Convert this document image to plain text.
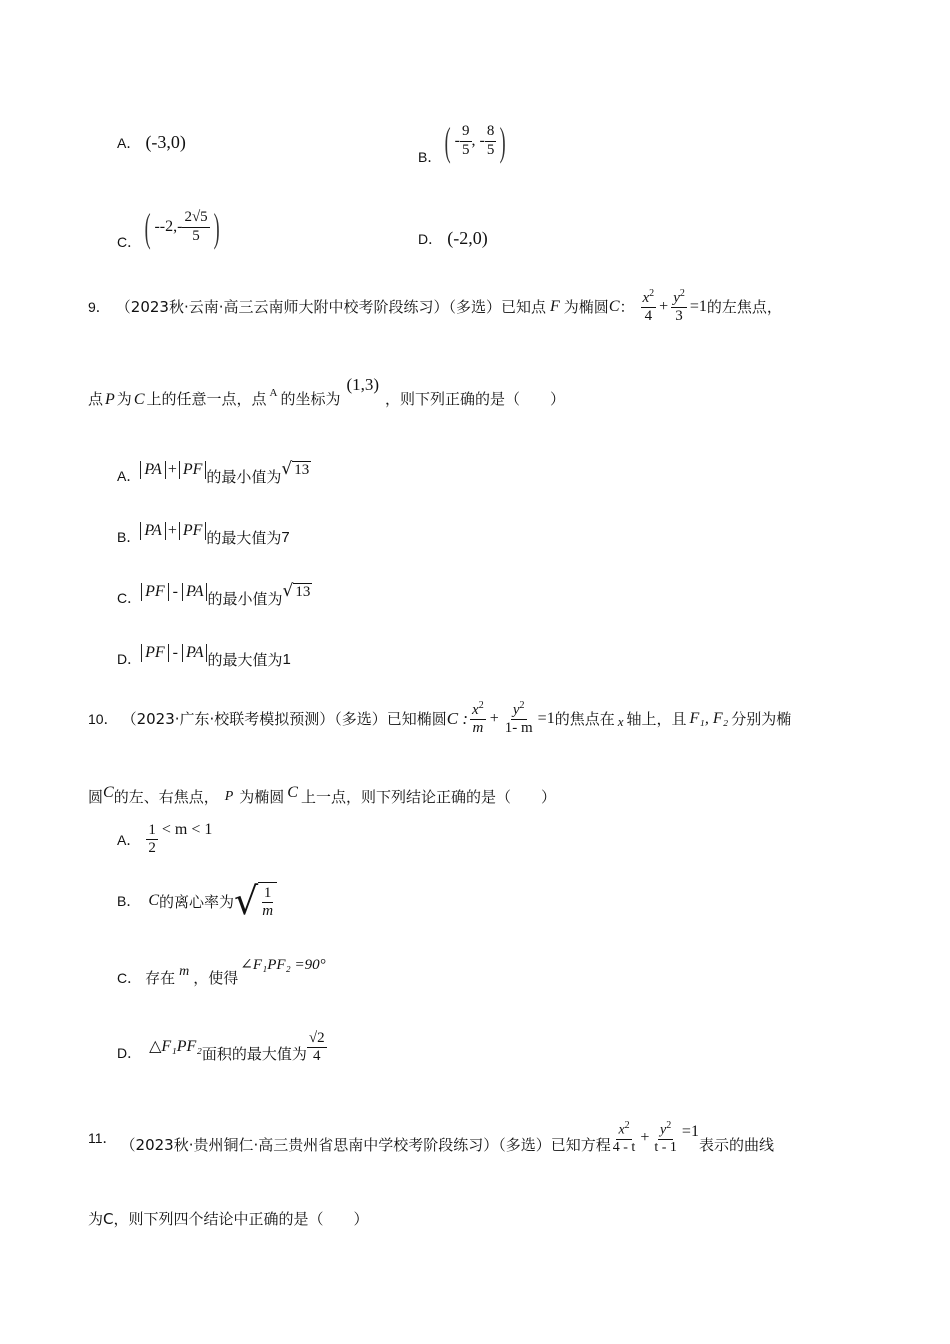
A． (-3,0)
B． ( - $\frac{9}{5}$ , - $\frac{8}{5}$ )
C． ( - $-2,- \frac{2√5}{5}$ )	D． (-2,0)
9． （2023秋·云南·高三云南师大附中校考阶段练习）（多选）已知点 F 为椭圆 C ： $\frac{x^2}{4} + \frac{y^2}{3} =1$ 的左焦点，
点 P 为 C 上的任意一点，点 A 的坐标为
(1,3)
，则下列正确的是（　　）
A． PA + PF 的最小值为 √ 13
B． PA + PF 的最大值为 7
C． PF - PA 的最小值为 √ 13
D． PF - PA 的最大值为 1
10． （2023·广东·校联考模拟预测）（多选）已知椭圆 C : $\frac{x^2}{m} + \frac{y^2}{1- m} =1$ 的焦点在 x 轴上，且 F₁, F₂ 分别为椭
圆 C 的左、右焦点， P 为椭圆 C 上一点，则下列结论正确的是（　　）
A． $\frac{1}{2} < m < 1$
B． C 的离心率为 √ $\frac{1}{m}$
C． 存在 m ，使得
∠F₁PF₂ =90°
D． △F₁PF₂ 面积的最大值为 $\frac{√2}{4}$
11． （2023秋·贵州铜仁·高三贵州省思南中学校考阶段练习）（多选）已知方程 $\frac{x^2}{4 - t} + \frac{y^2}{t - 1} =1$
表示的曲线
为C，则下列四个结论中正确的是（　　）
